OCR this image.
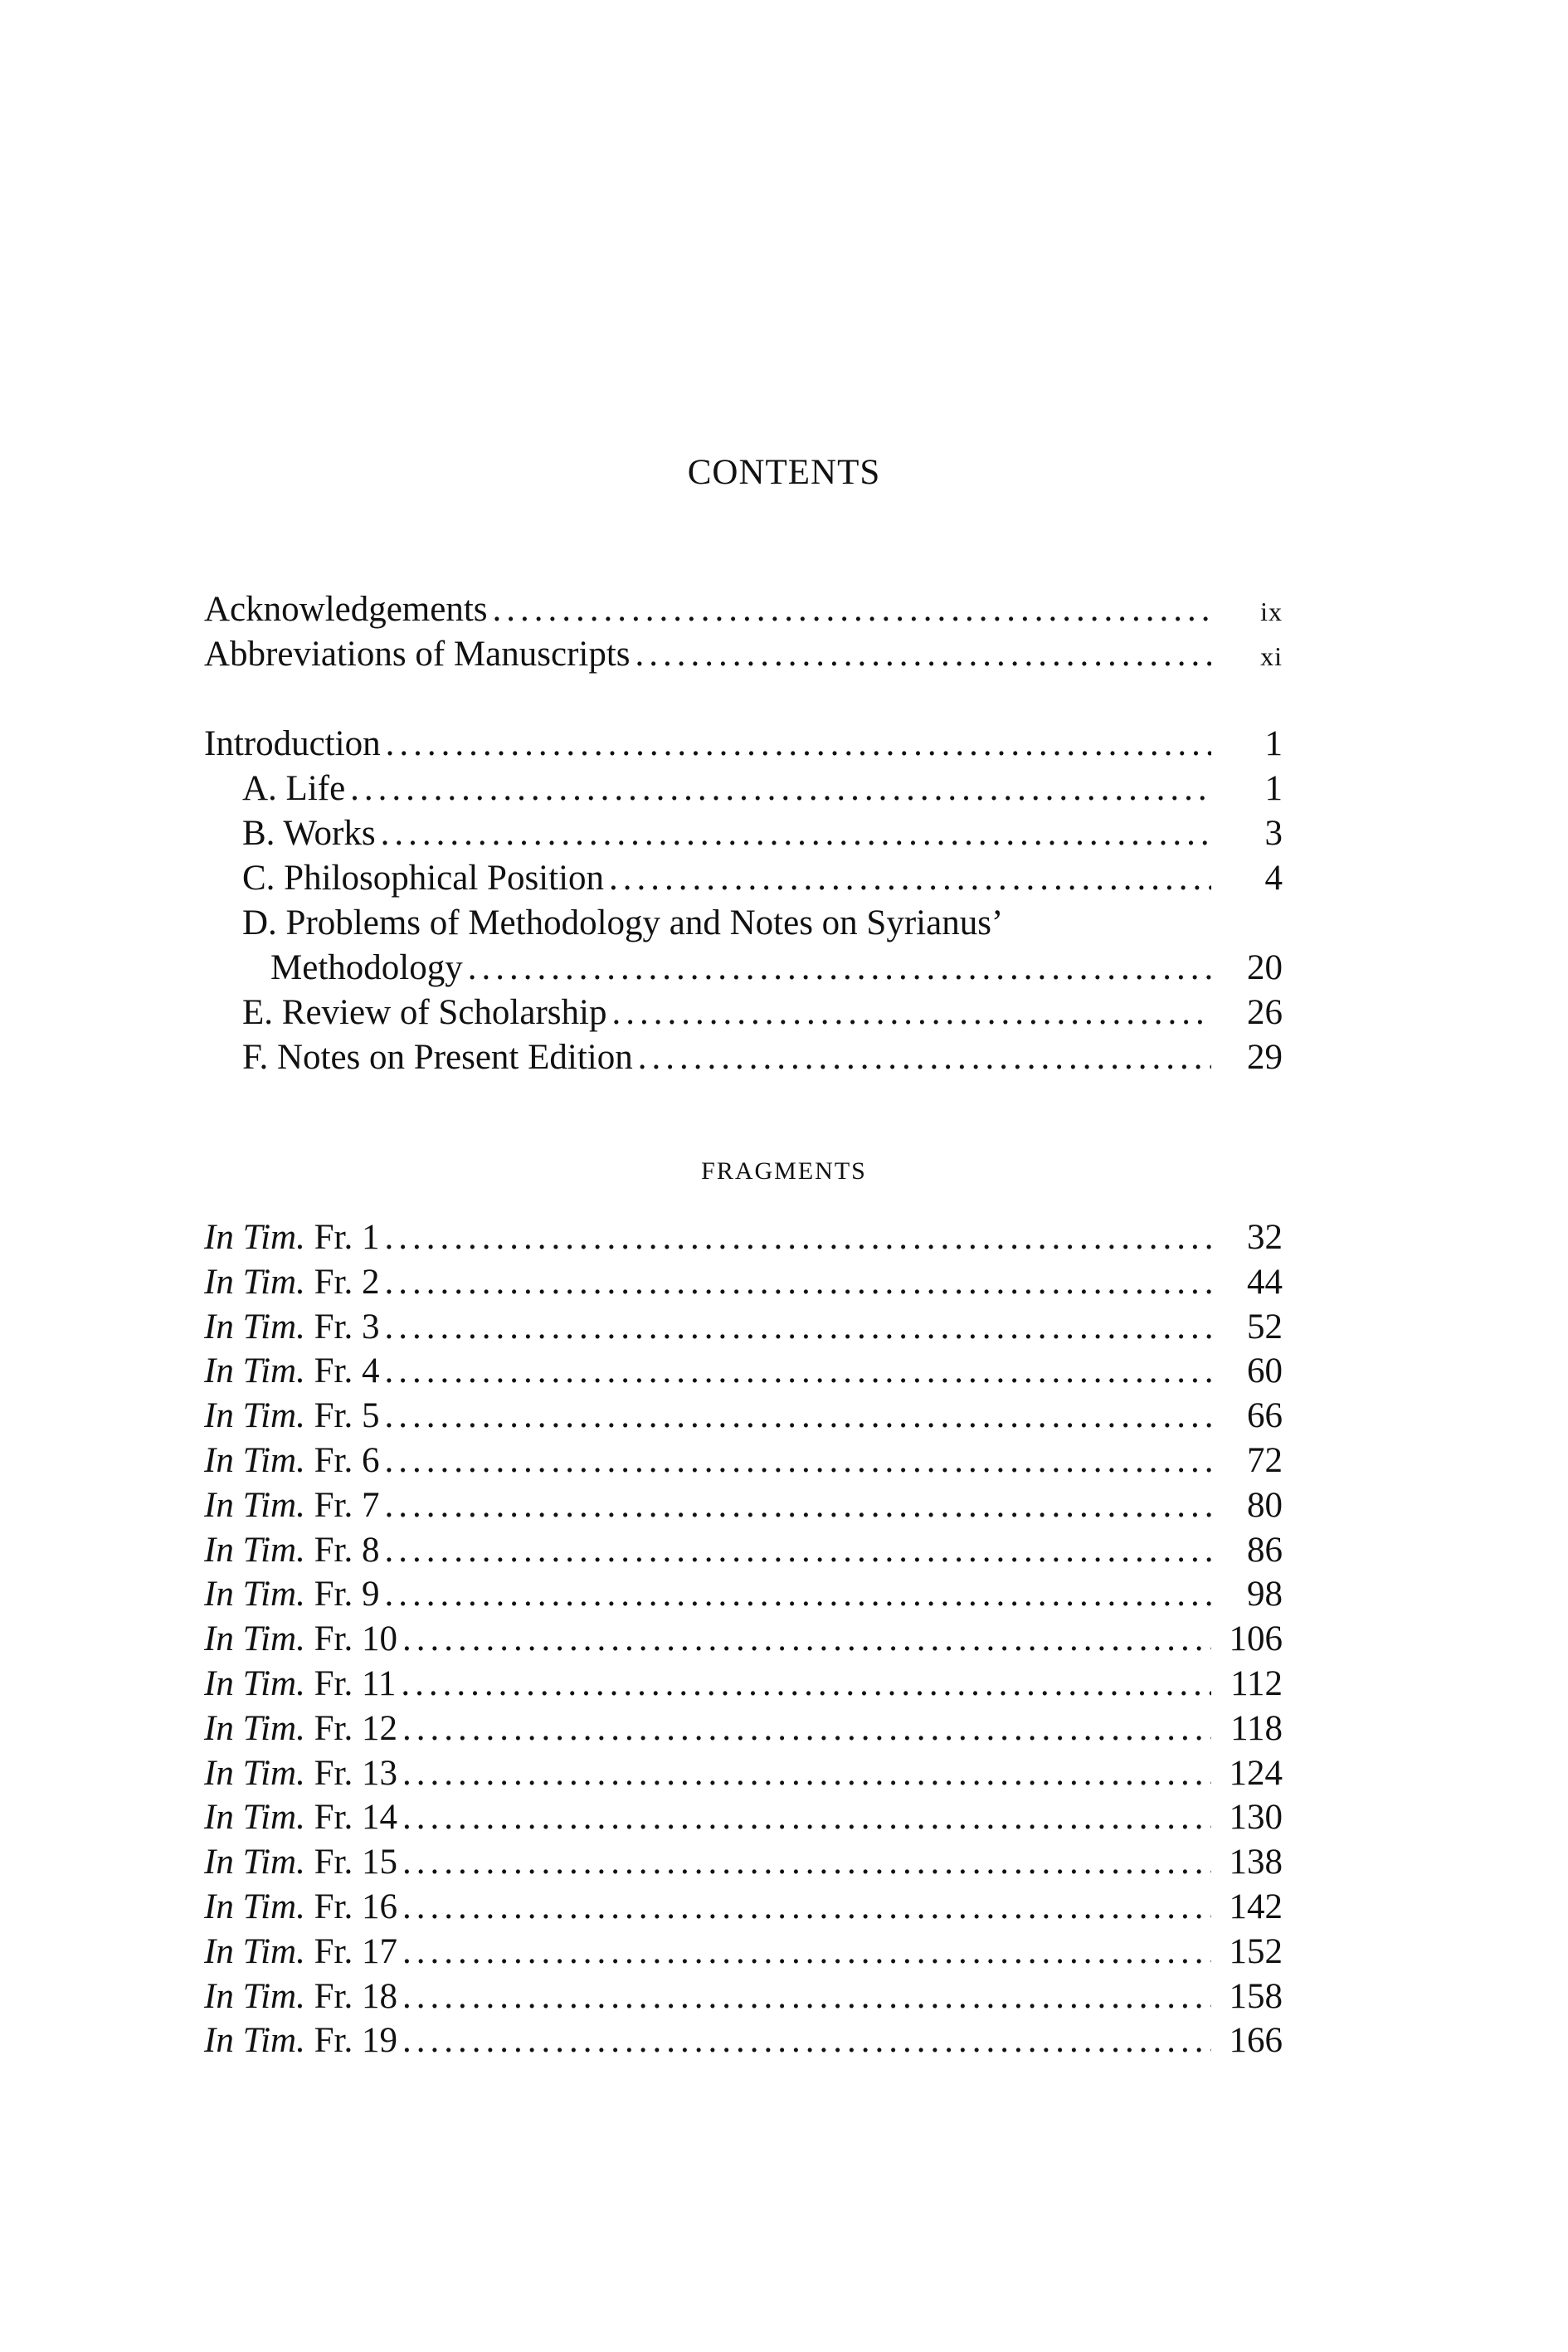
CONTENTS
Acknowledgements .....	ix
Abbreviations of Manuscripts .....	xi
Introduction .....	1
A. Life .....	1
B. Works .....	3
C. Philosophical Position .....	4
D. Problems of Methodology and Notes on Syrianus’
Methodology .....	20
E. Review of Scholarship .....	26
F. Notes on Present Edition .....	29
FRAGMENTS
In Tim. Fr. 1 .....	32
In Tim. Fr. 2 .....	44
In Tim. Fr. 3 .....	52
In Tim. Fr. 4 .....	60
In Tim. Fr. 5 .....	66
In Tim. Fr. 6 .....	72
In Tim. Fr. 7 .....	80
In Tim. Fr. 8 .....	86
In Tim. Fr. 9 .....	98
In Tim. Fr. 10 .....	106
In Tim. Fr. 11 .....	112
In Tim. Fr. 12 .....	118
In Tim. Fr. 13 .....	124
In Tim. Fr. 14 .....	130
In Tim. Fr. 15 .....	138
In Tim. Fr. 16 .....	142
In Tim. Fr. 17 .....	152
In Tim. Fr. 18 .....	158
In Tim. Fr. 19 .....	166
